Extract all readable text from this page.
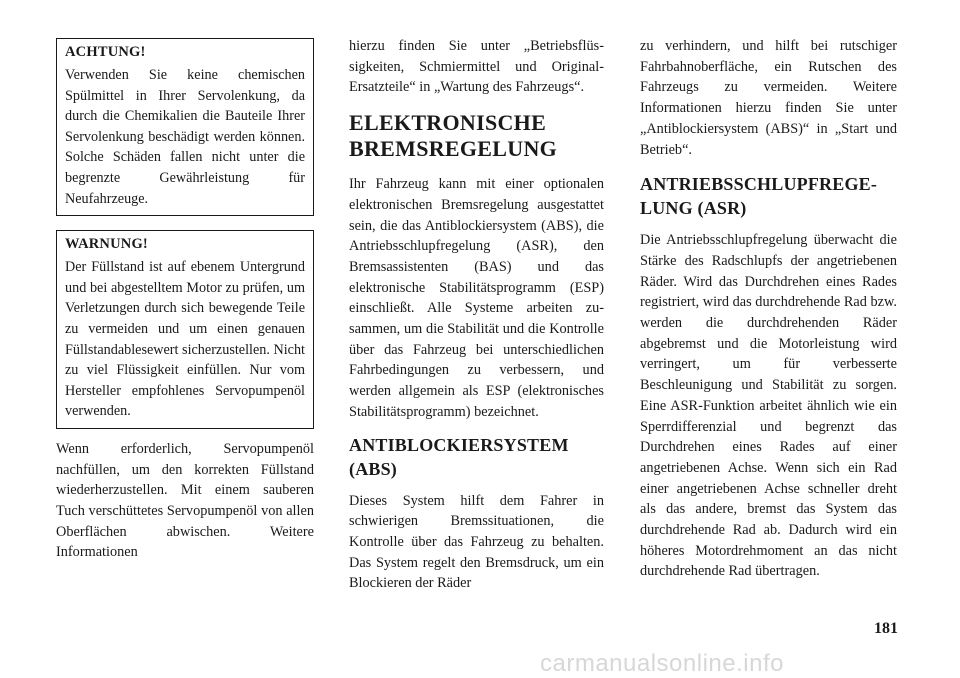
ACHTUNG!

Verwenden Sie keine chemischen Spülmittel in Ihrer Servolenkung, da durch die Chemikalien die Bauteile Ihrer Servolenkung beschädigt werden können. Solche Schäden fallen nicht unter die begrenzte Gewährleistung für Neufahrzeuge.

WARNUNG!

Der Füllstand ist auf ebenem Untergrund und bei abgestelltem Motor zu prüfen, um Verletzungen durch sich bewegende Teile zu vermeiden und um einen genauen Füllstandablesewert sicherzustellen. Nicht zu viel Flüssigkeit einfüllen. Nur vom Hersteller empfohlenes Servopumpenöl verwenden.

Wenn erforderlich, Servopumpenöl nachfüllen, um den korrekten Füllstand wiederherzustellen. Mit einem sauberen Tuch verschüttetes Servopumpenöl von allen Oberflächen abwischen. Weitere Informationen

hierzu finden Sie unter „Betriebsflüssigkeiten, Schmiermittel und Original-Ersatzteile“ in „Wartung des Fahrzeugs“.

ELEKTRONISCHE
BREMSREGELUNG

Ihr Fahrzeug kann mit einer optionalen elektronischen Bremsregelung ausgestattet sein, die das Antiblockiersystem (ABS), die Antriebsschlupfregelung (ASR), den Bremsassistenten (BAS) und das elektronische Stabilitätsprogramm (ESP) einschließt. Alle Systeme arbeiten zusammen, um die Stabilität und die Kontrolle über das Fahrzeug bei unterschiedlichen Fahrbedingungen zu verbessern, und werden allgemein als ESP (elektronisches Stabilitätsprogramm) bezeichnet.

ANTIBLOCKIERSYSTEM
(ABS)

Dieses System hilft dem Fahrer in schwierigen Bremssituationen, die Kontrolle über das Fahrzeug zu behalten. Das System regelt den Bremsdruck, um ein Blockieren der Räder

zu verhindern, und hilft bei rutschiger Fahrbahnoberfläche, ein Rutschen des Fahrzeugs zu vermeiden. Weitere Informationen hierzu finden Sie unter „Antiblockiersystem (ABS)“ in „Start und Betrieb“.

ANTRIEBSSCHLUPFREGE-
LUNG (ASR)

Die Antriebsschlupfregelung überwacht die Stärke des Radschlupfs der angetriebenen Räder. Wird das Durchdrehen eines Rades registriert, wird das durchdrehende Rad bzw. werden die durchdrehenden Räder abgebremst und die Motorleistung wird verringert, um für verbesserte Beschleunigung und Stabilität zu sorgen. Eine ASR-Funktion arbeitet ähnlich wie ein Sperrdifferenzial und begrenzt das Durchdrehen eines Rades auf einer angetriebenen Achse. Wenn sich ein Rad einer angetriebenen Achse schneller dreht als das andere, bremst das System das durchdrehende Rad ab. Dadurch wird ein höheres Motordrehmoment an das nicht durchdrehende Rad übertragen.

181
carmanualsonline.info
